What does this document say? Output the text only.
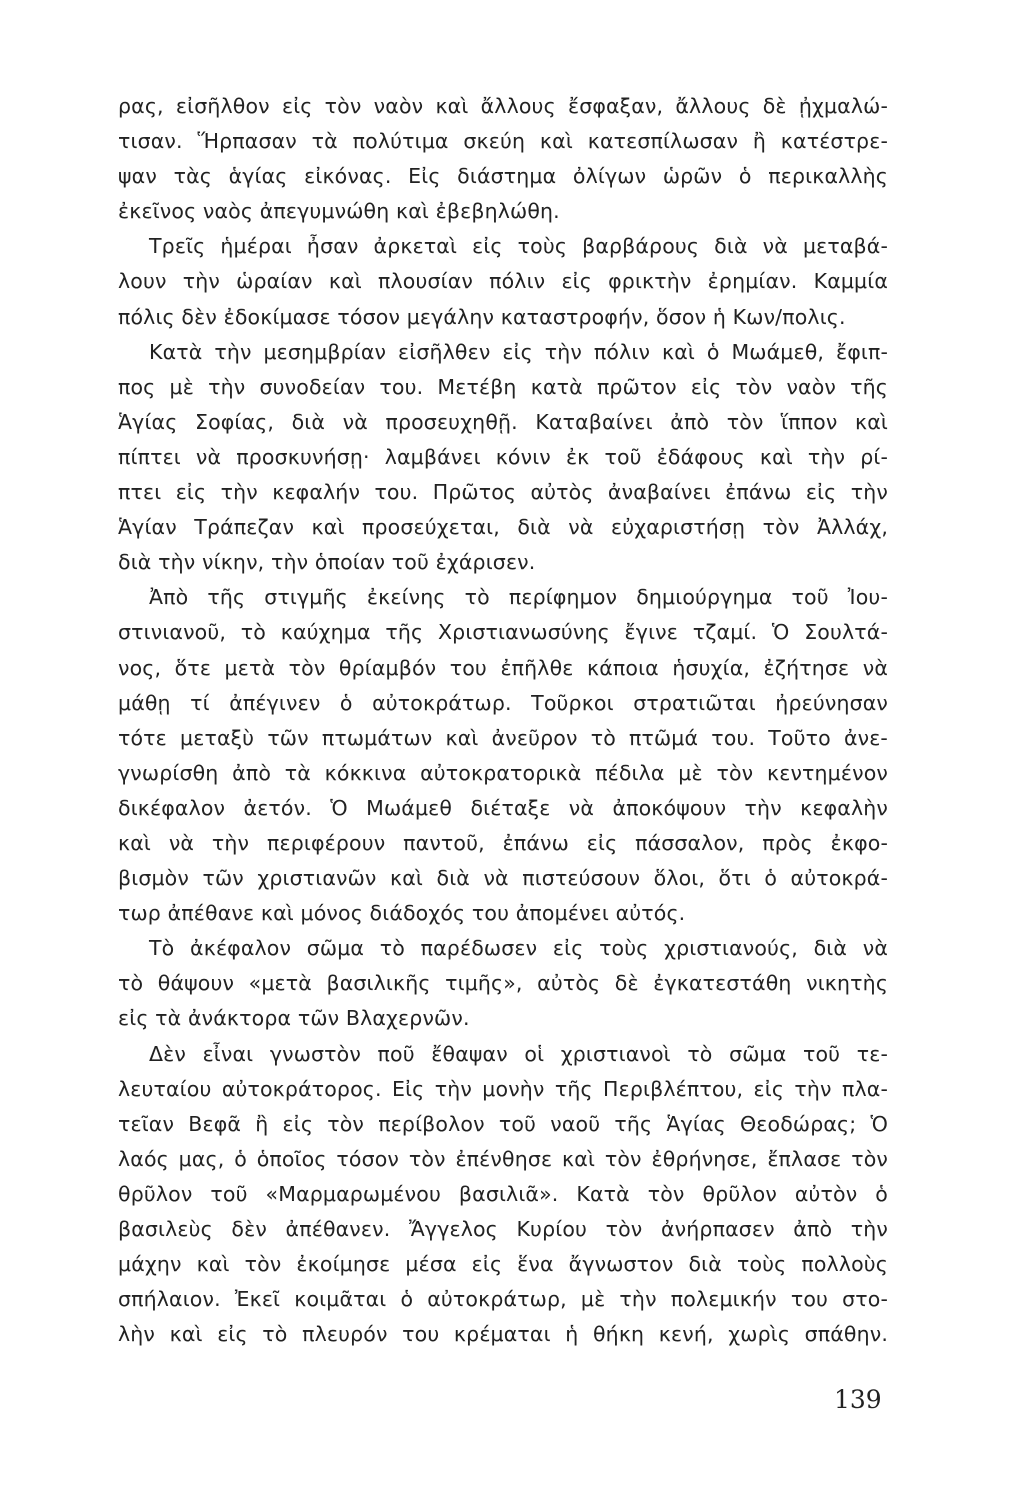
ρας, εἰσῆλθον εἰς τὸν ναὸν καὶ ἄλλους ἔσφαξαν, ἄλλους δὲ ᾐχμαλώ-
τισαν. Ἥρπασαν τὰ πολύτιμα σκεύη καὶ κατεσπίλωσαν ἢ κατέστρε-
ψαν τὰς ἁγίας εἰκόνας. Εἰς διάστημα ὀλίγων ὡρῶν ὁ περικαλλὴς
ἐκεῖνος ναὸς ἀπεγυμνώθη καὶ ἐβεβηλώθη.
Τρεῖς ἡμέραι ἦσαν ἀρκεταὶ εἰς τοὺς βαρβάρους διὰ νὰ μεταβά-
λουν τὴν ὡραίαν καὶ πλουσίαν πόλιν εἰς φρικτὴν ἐρημίαν. Καμμία
πόλις δὲν ἐδοκίμασε τόσον μεγάλην καταστροφήν, ὅσον ἡ Κων/πολις.
Κατὰ τὴν μεσημβρίαν εἰσῆλθεν εἰς τὴν πόλιν καὶ ὁ Μωάμεθ, ἔφιπ-
πος μὲ τὴν συνοδείαν του. Μετέβη κατὰ πρῶτον εἰς τὸν ναὸν τῆς
Ἁγίας Σοφίας, διὰ νὰ προσευχηθῇ. Καταβαίνει ἀπὸ τὸν ἵππον καὶ
πίπτει νὰ προσκυνήσῃ· λαμβάνει κόνιν ἐκ τοῦ ἐδάφους καὶ τὴν ρί-
πτει εἰς τὴν κεφαλήν του. Πρῶτος αὐτὸς ἀναβαίνει ἐπάνω εἰς τὴν
Ἁγίαν Τράπεζαν καὶ προσεύχεται, διὰ νὰ εὐχαριστήσῃ τὸν Ἀλλάχ,
διὰ τὴν νίκην, τὴν ὁποίαν τοῦ ἐχάρισεν.
Ἀπὸ τῆς στιγμῆς ἐκείνης τὸ περίφημον δημιούργημα τοῦ Ἰου-
στινιανοῦ, τὸ καύχημα τῆς Χριστιανωσύνης ἔγινε τζαμί. Ὁ Σουλτά-
νος, ὅτε μετὰ τὸν θρίαμβόν του ἐπῆλθε κάποια ἡσυχία, ἐζήτησε νὰ
μάθῃ τί ἀπέγινεν ὁ αὐτοκράτωρ. Τοῦρκοι στρατιῶται ἠρεύνησαν
τότε μεταξὺ τῶν πτωμάτων καὶ ἀνεῦρον τὸ πτῶμά του. Τοῦτο ἀνε-
γνωρίσθη ἀπὸ τὰ κόκκινα αὐτοκρατορικὰ πέδιλα μὲ τὸν κεντημένον
δικέφαλον ἀετόν. Ὁ Μωάμεθ διέταξε νὰ ἀποκόψουν τὴν κεφαλὴν
καὶ νὰ τὴν περιφέρουν παντοῦ, ἐπάνω εἰς πάσσαλον, πρὸς ἐκφο-
βισμὸν τῶν χριστιανῶν καὶ διὰ νὰ πιστεύσουν ὅλοι, ὅτι ὁ αὐτοκρά-
τωρ ἀπέθανε καὶ μόνος διάδοχός του ἀπομένει αὐτός.
Τὸ ἀκέφαλον σῶμα τὸ παρέδωσεν εἰς τοὺς χριστιανούς, διὰ νὰ
τὸ θάψουν «μετὰ βασιλικῆς τιμῆς», αὐτὸς δὲ ἐγκατεστάθη νικητὴς
εἰς τὰ ἀνάκτορα τῶν Βλαχερνῶν.
Δὲν εἶναι γνωστὸν ποῦ ἔθαψαν οἱ χριστιανοὶ τὸ σῶμα τοῦ τε-
λευταίου αὐτοκράτορος. Εἰς τὴν μονὴν τῆς Περιβλέπτου, εἰς τὴν πλα-
τεῖαν Βεφᾶ ἢ εἰς τὸν περίβολον τοῦ ναοῦ τῆς Ἁγίας Θεοδώρας; Ὁ
λαός μας, ὁ ὁποῖος τόσον τὸν ἐπένθησε καὶ τὸν ἐθρήνησε, ἔπλασε τὸν
θρῦλον τοῦ «Μαρμαρωμένου βασιλιᾶ». Κατὰ τὸν θρῦλον αὐτὸν ὁ
βασιλεὺς δὲν ἀπέθανεν. Ἄγγελος Κυρίου τὸν ἀνήρπασεν ἀπὸ τὴν
μάχην καὶ τὸν ἐκοίμησε μέσα εἰς ἕνα ἄγνωστον διὰ τοὺς πολλοὺς
σπήλαιον. Ἐκεῖ κοιμᾶται ὁ αὐτοκράτωρ, μὲ τὴν πολεμικήν του στο-
λὴν καὶ εἰς τὸ πλευρόν του κρέμαται ἡ θήκη κενή, χωρὶς σπάθην.
139
